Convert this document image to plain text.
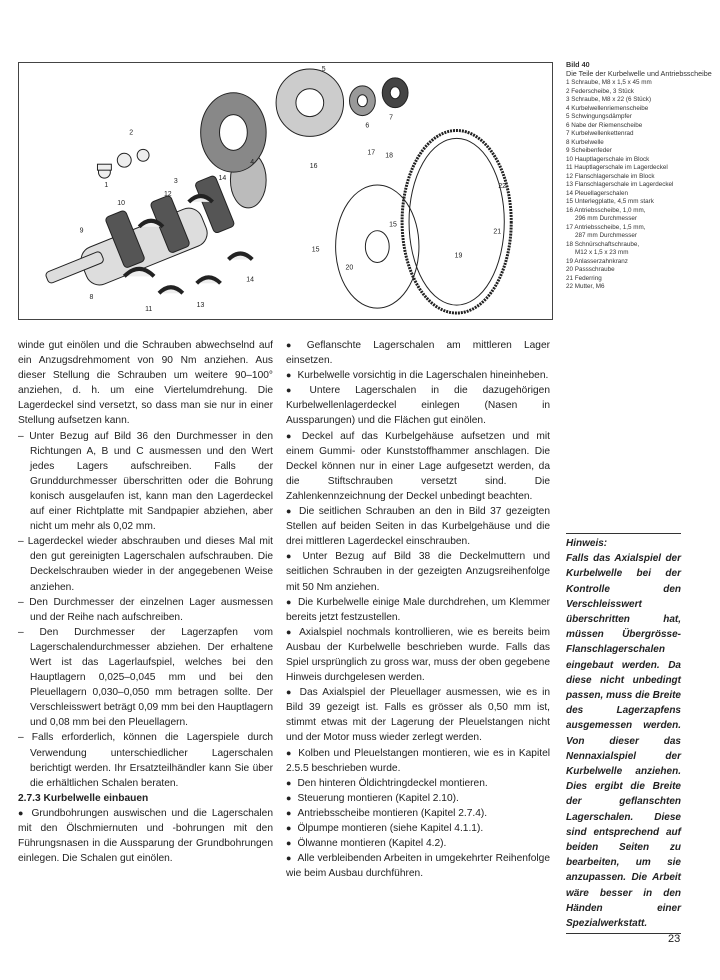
1
2
3
4
5
6
7
8
9
10
11
12
13
14
14
15
16
17 18
19
20
21
22
15
Bild 40
Die Teile der Kurbelwelle und Antriebsscheibe
1 Schraube, M8 x 1,5 x 45 mm
2 Federscheibe, 3 Stück
3 Schraube, M8 x 22 (6 Stück)
4 Kurbelwellenriemenscheibe
5 Schwingungsdämpfer
6 Nabe der Riemenscheibe
7 Kurbelwellenkettenrad
8 Kurbelwelle
9 Scheibenfeder
10 Hauptlagerschale im Block
11 Hauptlagerschale im Lagerdeckel
12 Flanschlagerschale im Block
13 Flanschlagerschale im Lagerdeckel
14 Pleuellagerschalen
15 Unterlegplatte, 4,5 mm stark
16 Antriebsscheibe, 1,0 mm,
296 mm Durchmesser
17 Antriebsscheibe, 1,5 mm,
287 mm Durchmesser
18 Schnürschaftschraube,
M12 x 1,5 x 23 mm
19 Anlasserzahnkranz
20 Passschraube
21 Federring
22 Mutter, M6

winde gut einölen und die Schrauben abwechselnd auf ein Anzugsdrehmoment von 90 Nm anziehen. Aus dieser Stellung die Schrauben um weitere 90–100° anziehen, d. h. um eine Viertelumdrehung. Die Lagerdeckel sind versetzt, so dass man sie nur in einer Stellung aufsetzen kann.

– Unter Bezug auf Bild 36 den Durchmesser in den Richtungen A, B und C ausmessen und den Wert jedes Lagers aufschreiben. Falls der Grunddurchmesser überschritten oder die Bohrung konisch ausgelaufen ist, kann man den Lagerdeckel auf einer Richtplatte mit Sandpapier abziehen, aber nicht um mehr als 0,02 mm.

– Lagerdeckel wieder abschrauben und dieses Mal mit den gut gereinigten Lagerschalen aufschrauben. Die Deckelschrauben wieder in der angegebenen Weise anziehen.

– Den Durchmesser der einzelnen Lager ausmessen und der Reihe nach aufschreiben.

– Den Durchmesser der Lagerzapfen vom Lagerschalendurchmesser abziehen. Der erhaltene Wert ist das Lagerlaufspiel, welches bei den Hauptlagern 0,025–0,045 mm und bei den Pleuellagern 0,030–0,050 mm betragen sollte. Der Verschleisswert beträgt 0,09 mm bei den Hauptlagern und 0,08 mm bei den Pleuellagern.

– Falls erforderlich, können die Lagerspiele durch Verwendung unterschiedlicher Lagerschalen berichtigt werden. Ihr Ersatzteilhändler kann Sie über die erhältlichen Schalen beraten.

2.7.3 Kurbelwelle einbauen

● Grundbohrungen auswischen und die Lagerschalen mit den Ölschmiernuten und -bohrungen mit den Führungsnasen in die Aussparung der Grundbohrungen einlegen. Die Schalen gut einölen.

● Geflanschte Lagerschalen am mittleren Lager einsetzen.

● Kurbelwelle vorsichtig in die Lagerschalen hineinheben.

● Untere Lagerschalen in die dazugehörigen Kurbelwellenlagerdeckel einlegen (Nasen in Aussparungen) und die Flächen gut einölen.

● Deckel auf das Kurbelgehäuse aufsetzen und mit einem Gummi- oder Kunststoffhammer anschlagen. Die Deckel können nur in einer Lage aufgesetzt werden, da die Stiftschrauben versetzt sind. Die Zahlenkennzeichnung der Deckel unbedingt beachten.

● Die seitlichen Schrauben an den in Bild 37 gezeigten Stellen auf beiden Seiten in das Kurbelgehäuse und die drei mittleren Lagerdeckel einschrauben.

● Unter Bezug auf Bild 38 die Deckelmuttern und seitlichen Schrauben in der gezeigten Anzugsreihenfolge mit 50 Nm anziehen.

● Die Kurbelwelle einige Male durchdrehen, um Klemmer bereits jetzt festzustellen.

● Axialspiel nochmals kontrollieren, wie es bereits beim Ausbau der Kurbelwelle beschrieben wurde. Falls das Spiel ursprünglich zu gross war, muss der oben gegebene Hinweis durchgelesen werden.

● Das Axialspiel der Pleuellager ausmessen, wie es in Bild 39 gezeigt ist. Falls es grösser als 0,50 mm ist, stimmt etwas mit der Lagerung der Pleuelstangen nicht und der Motor muss wieder zerlegt werden.

● Kolben und Pleuelstangen montieren, wie es in Kapitel 2.5.5 beschrieben wurde.

● Den hinteren Öldichtringdeckel montieren.

● Steuerung montieren (Kapitel 2.10).

● Antriebsscheibe montieren (Kapitel 2.7.4).

● Ölpumpe montieren (siehe Kapitel 4.1.1).

● Ölwanne montieren (Kapitel 4.2).

● Alle verbleibenden Arbeiten in umgekehrter Reihenfolge wie beim Ausbau durchführen.

Hinweis:
Falls das Axialspiel der Kurbelwelle bei der Kontrolle den Verschleisswert überschritten hat, müssen Übergrösse-Flanschlagerschalen eingebaut werden. Da diese nicht unbedingt passen, muss die Breite des Lagerzapfens ausgemessen werden. Von dieser das Nennaxialspiel der Kurbelwelle anziehen. Dies ergibt die Breite der geflanschten Lagerschalen. Diese sind entsprechend auf beiden Seiten zu bearbeiten, um sie anzupassen. Die Arbeit wäre besser in den Händen einer Spezialwerkstatt.
23
